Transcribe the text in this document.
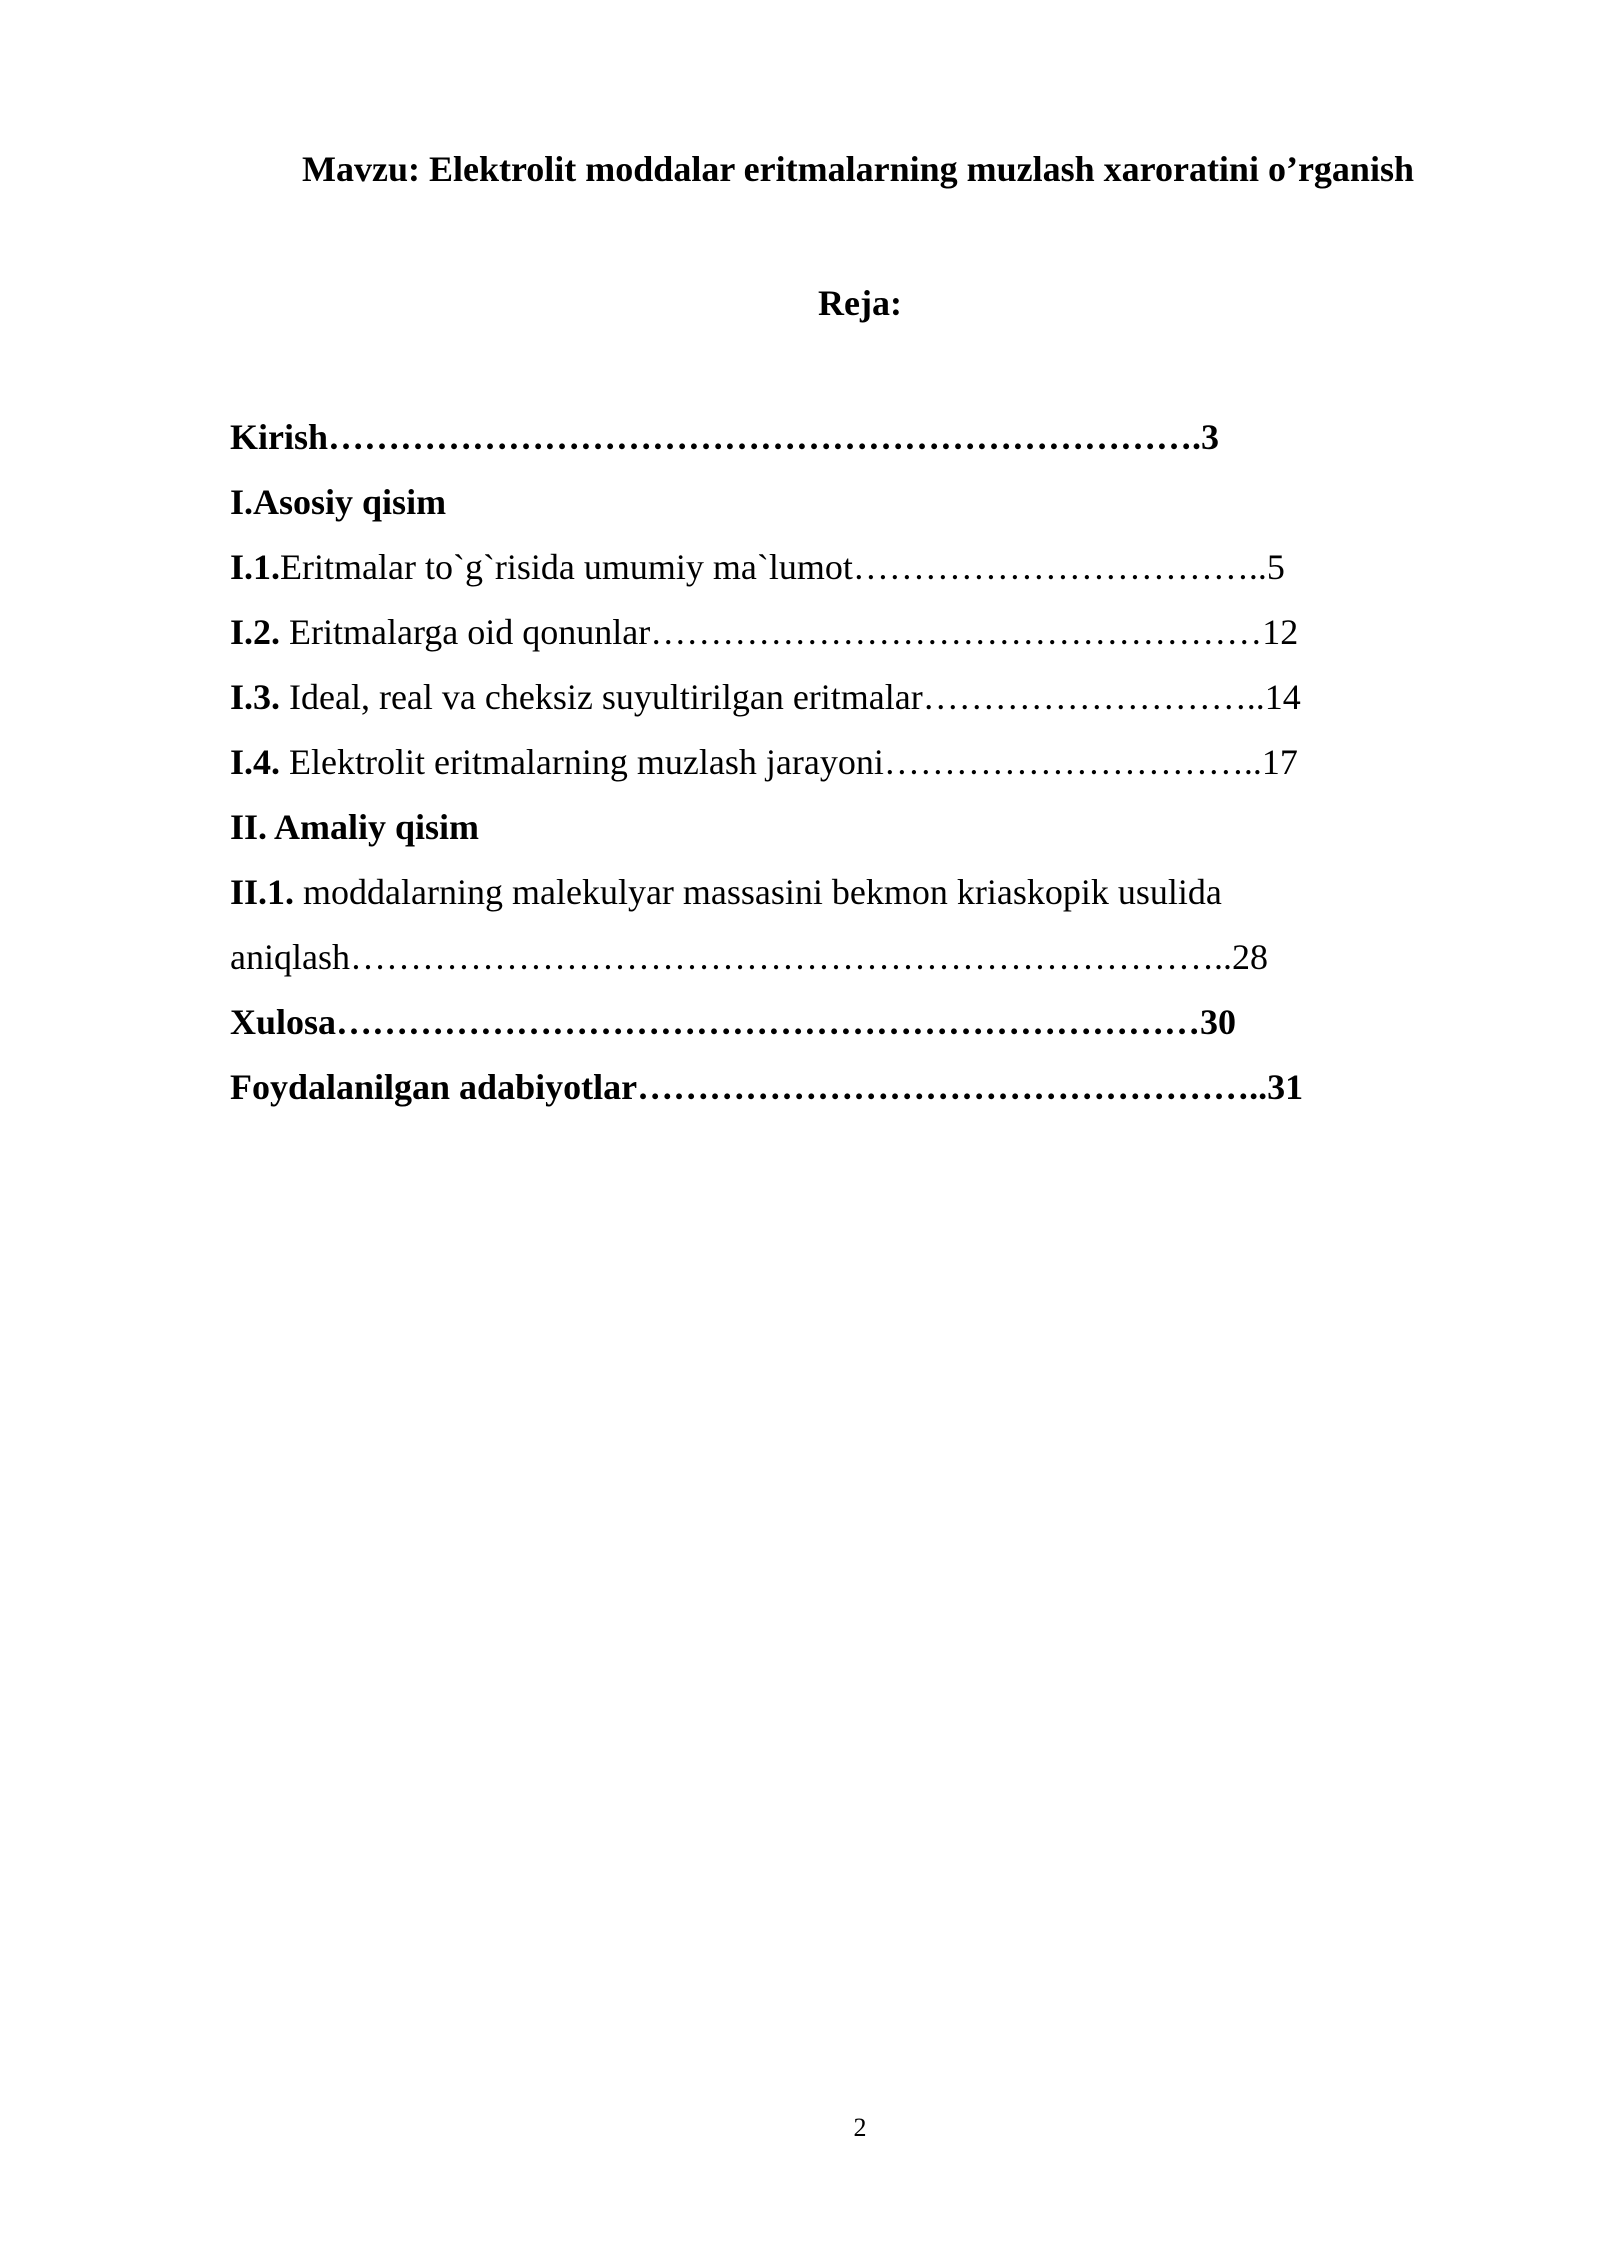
Mavzu: Elektrolit moddalar eritmalarning muzlash xaroratini o’rganish
Reja:
Kirish……………………………………………………………….3
I.Asosiy qisim
I.1.Eritmalar to`g`risida umumiy ma`lumot……………………………..5
I.2. Eritmalarga oid qonunlar……………………………………………12
I.3. Ideal, real va cheksiz suyultirilgan eritmalar………………………..14
I.4. Elektrolit eritmalarning muzlash jarayoni…………………………..17
II. Amaliy qisim
II.1. moddalarning malekulyar massasini bekmon kriaskopik usulida
aniqlash………………………………………………………………..28
Xulosa………………………………………………………………30
Foydalanilgan adabiyotlar……………………………………………..31
2
